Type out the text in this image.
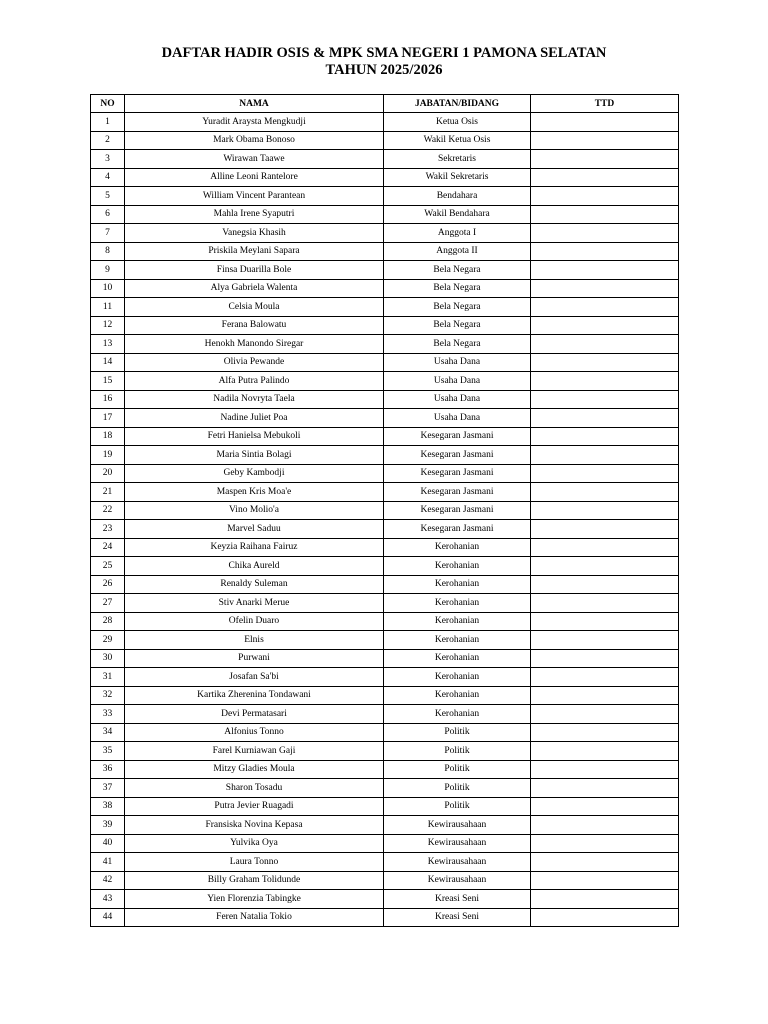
DAFTAR HADIR OSIS & MPK SMA NEGERI 1 PAMONA SELATAN
TAHUN 2025/2026
NO	NAMA	JABATAN/BIDANG	TTD
1	Yuradit Araysta Mengkudji	Ketua Osis	
2	Mark Obama Bonoso	Wakil Ketua Osis	
3	Wirawan Taawe	Sekretaris	
4	Alline Leoni Rantelore	Wakil Sekretaris	
5	William Vincent Parantean	Bendahara	
6	Mahla Irene Syaputri	Wakil Bendahara	
7	Vanegsia Khasih	Anggota I	
8	Priskila Meylani Sapara	Anggota II	
9	Finsa Duarilla Bole	Bela Negara	
10	Alya Gabriela Walenta	Bela Negara	
11	Celsia Moula	Bela Negara	
12	Ferana Balowatu	Bela Negara	
13	Henokh Manondo Siregar	Bela Negara	
14	Olivia Pewande	Usaha Dana	
15	Alfa Putra Palindo	Usaha Dana	
16	Nadila Novryta Taela	Usaha Dana	
17	Nadine Juliet Poa	Usaha Dana	
18	Fetri Hanielsa Mebukoli	Kesegaran Jasmani	
19	Maria Sintia Bolagi	Kesegaran Jasmani	
20	Geby Kambodji	Kesegaran Jasmani	
21	Maspen Kris Moa'e	Kesegaran Jasmani	
22	Vino Molio'a	Kesegaran Jasmani	
23	Marvel Saduu	Kesegaran Jasmani	
24	Keyzia Raihana Fairuz	Kerohanian	
25	Chika Aureld	Kerohanian	
26	Renaldy Suleman	Kerohanian	
27	Stiv Anarki Merue	Kerohanian	
28	Ofelin Duaro	Kerohanian	
29	Elnis	Kerohanian	
30	Purwani	Kerohanian	
31	Josafan Sa'bi	Kerohanian	
32	Kartika Zherenina Tondawani	Kerohanian	
33	Devi Permatasari	Kerohanian	
34	Alfonius Tonno	Politik	
35	Farel Kurniawan Gaji	Politik	
36	Mitzy Gladies Moula	Politik	
37	Sharon Tosadu	Politik	
38	Putra Jevier Ruagadi	Politik	
39	Fransiska Novina Kepasa	Kewirausahaan	
40	Yulvika Oya	Kewirausahaan	
41	Laura Tonno	Kewirausahaan	
42	Billy Graham Tolidunde	Kewirausahaan	
43	Yien Florenzia Tabingke	Kreasi Seni	
44	Feren Natalia Tokio	Kreasi Seni	
